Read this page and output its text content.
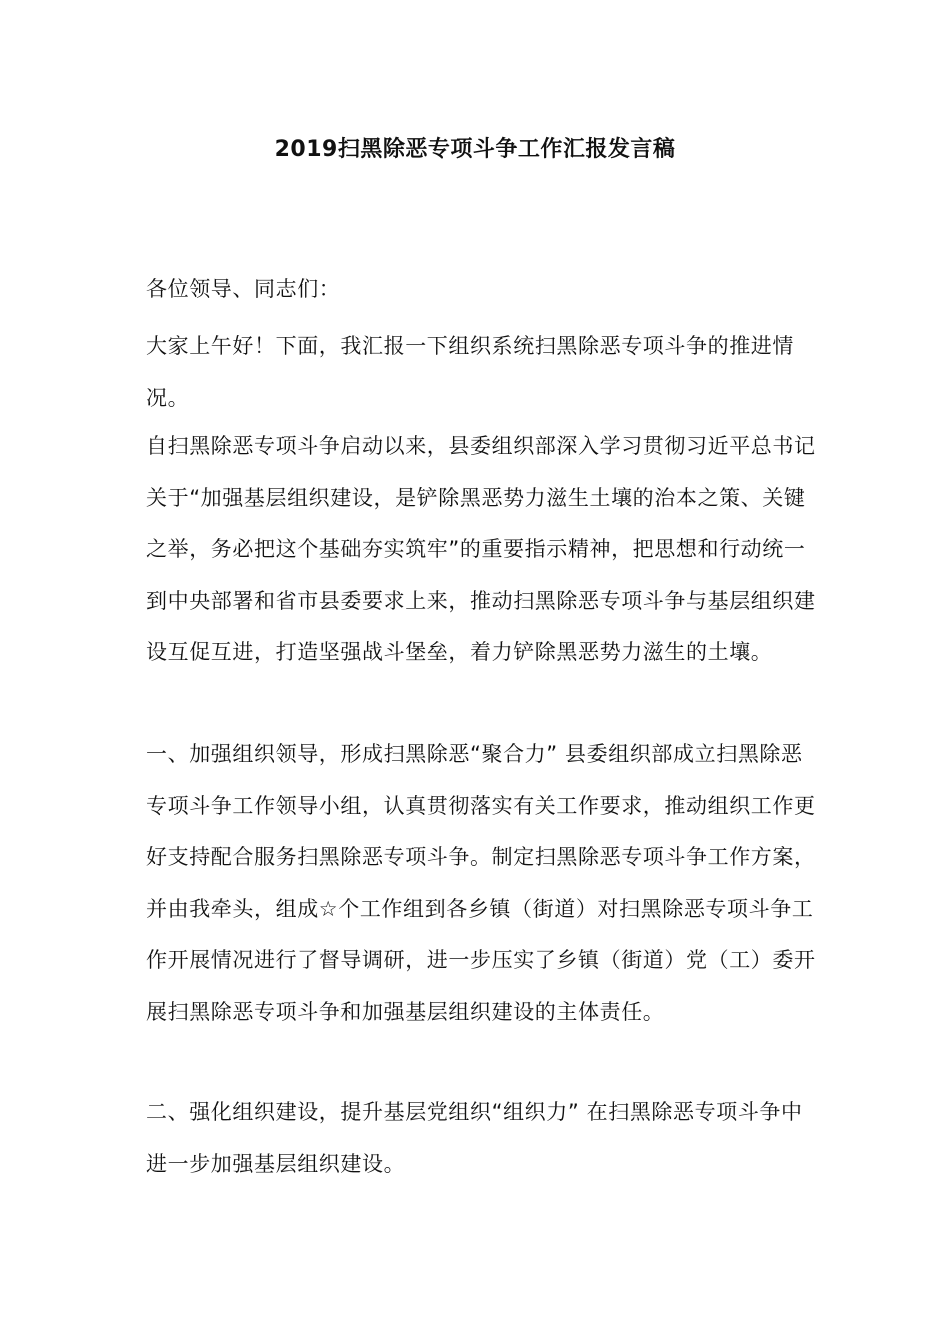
2019扫黑除恶专项斗争工作汇报发言稿

各位领导、同志们：

大家上午好！下面，我汇报一下组织系统扫黑除恶专项斗争的推进情况。

自扫黑除恶专项斗争启动以来，县委组织部深入学习贯彻习近平总书记关于“加强基层组织建设，是铲除黑恶势力滋生土壤的治本之策、关键之举，务必把这个基础夯实筑牢”的重要指示精神，把思想和行动统一到中央部署和省市县委要求上来，推动扫黑除恶专项斗争与基层组织建设互促互进，打造坚强战斗堡垒，着力铲除黑恶势力滋生的土壤。

一、加强组织领导，形成扫黑除恶“聚合力” 县委组织部成立扫黑除恶专项斗争工作领导小组，认真贯彻落实有关工作要求，推动组织工作更好支持配合服务扫黑除恶专项斗争。制定扫黑除恶专项斗争工作方案，并由我牵头，组成☆个工作组到各乡镇（街道）对扫黑除恶专项斗争工作开展情况进行了督导调研，进一步压实了乡镇（街道）党（工）委开展扫黑除恶专项斗争和加强基层组织建设的主体责任。

二、强化组织建设，提升基层党组织“组织力” 在扫黑除恶专项斗争中进一步加强基层组织建设。
